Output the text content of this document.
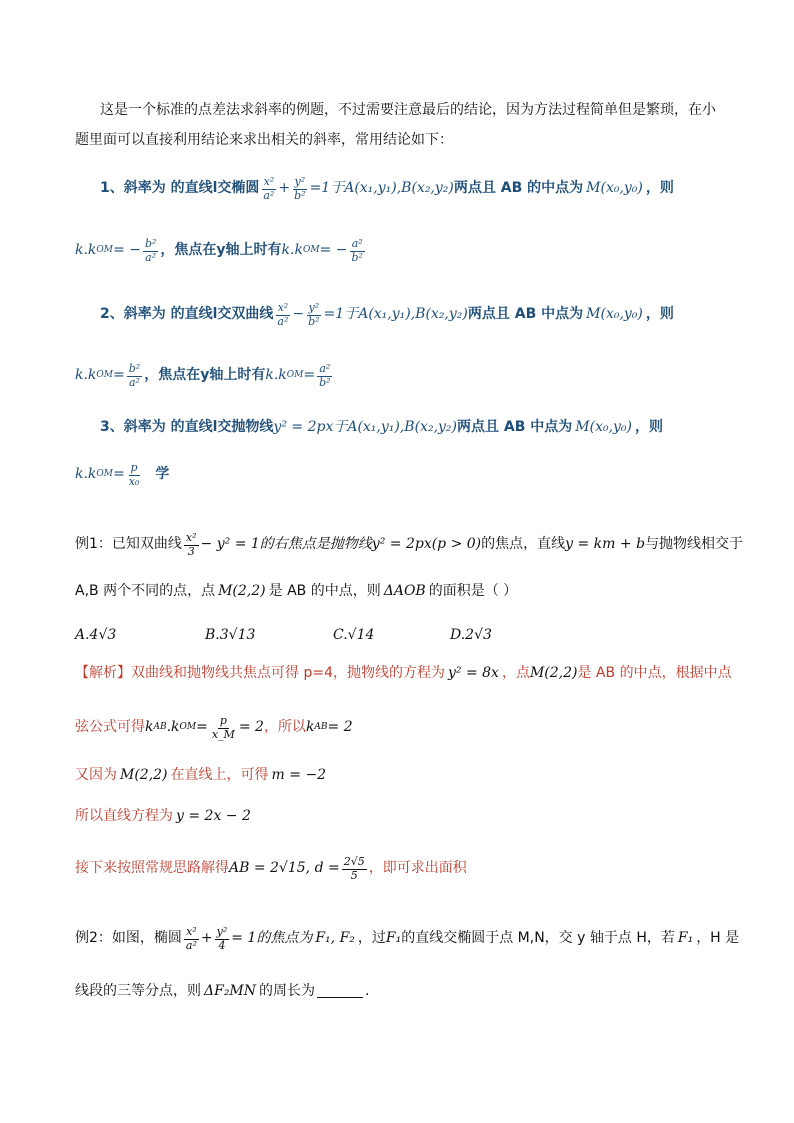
这是一个标准的点差法求斜率的例题，不过需要注意最后的结论，因为方法过程简单但是繁琐，在小
题里面可以直接利用结论来求出相关的斜率，常用结论如下：
1、斜率为 的直线l交椭圆 $\frac{\text{x²}}{\text{a²}} + \frac{\text{y²}}{\text{b²}} =1$于A(x₁,y₁),B(x₂,y₂) 两点且 AB 的中点为 M(x₀,y₀) ，则
k.k OM = − $\frac{\text{b²}}{\text{a²}}$ ，焦点在y轴上时有 k.k OM = − $\frac{\text{a²}}{\text{b²}}$
2、斜率为 的直线l交双曲线 $\frac{\text{x²}}{\text{a²}} - \frac{\text{y²}}{\text{b²}} =1$于A(x₁,y₁),B(x₂,y₂) 两点且 AB 中点为 M(x₀,y₀) ，则
k.k OM = $\frac{\text{b²}}{\text{a²}}$ ，焦点在y轴上时有 k.k OM = $\frac{\text{a²}}{\text{b²}}$
3、斜率为 的直线l交抛物线 y² = 2px 于A(x₁,y₁),B(x₂,y₂) 两点且 AB 中点为 M(x₀,y₀) ，则
k.k OM = $\frac{p}{\text{x₀}}$ 学
例1：已知双曲线 $\frac{\text{x²}}{3} - y^2 = 1$的右焦点是抛物线 y² = 2px(p > 0) 的焦点，直线 y = km + b 与抛物线相交于
A,B 两个不同的点，点 M(2,2) 是 AB 的中点，则 ΔAOB 的面积是（ ）
A.4√3	B.3√13	C.√14	D.2√3
【解析】 双曲线和抛物线共焦点可得 p=4，抛物线的方程为 y² = 8x ，点 M(2,2) 是 AB 的中点，根据中点
弦公式可得 k AB .k OM = $\frac{p}{x\_M} = 2$ ，所以 k AB = 2
又因为 M(2,2) 在直线上，可得 m = −2
所以直线方程为 y = 2x − 2
接下来按照常规思路解得 AB = 2√15, $d = \frac{2√5}{5}$ ，即可求出面积
例2：如图，椭圆 $\frac{\text{x²}}{\text{a²}} + \frac{\text{y²}}{4} = 1$的焦点为 F₁, F₂ ，过 F₁ 的直线交椭圆于点 M,N，交 y 轴于点 H，若 F₁ ，H 是
线段的三等分点，则 ΔF₂MN 的周长为	.
